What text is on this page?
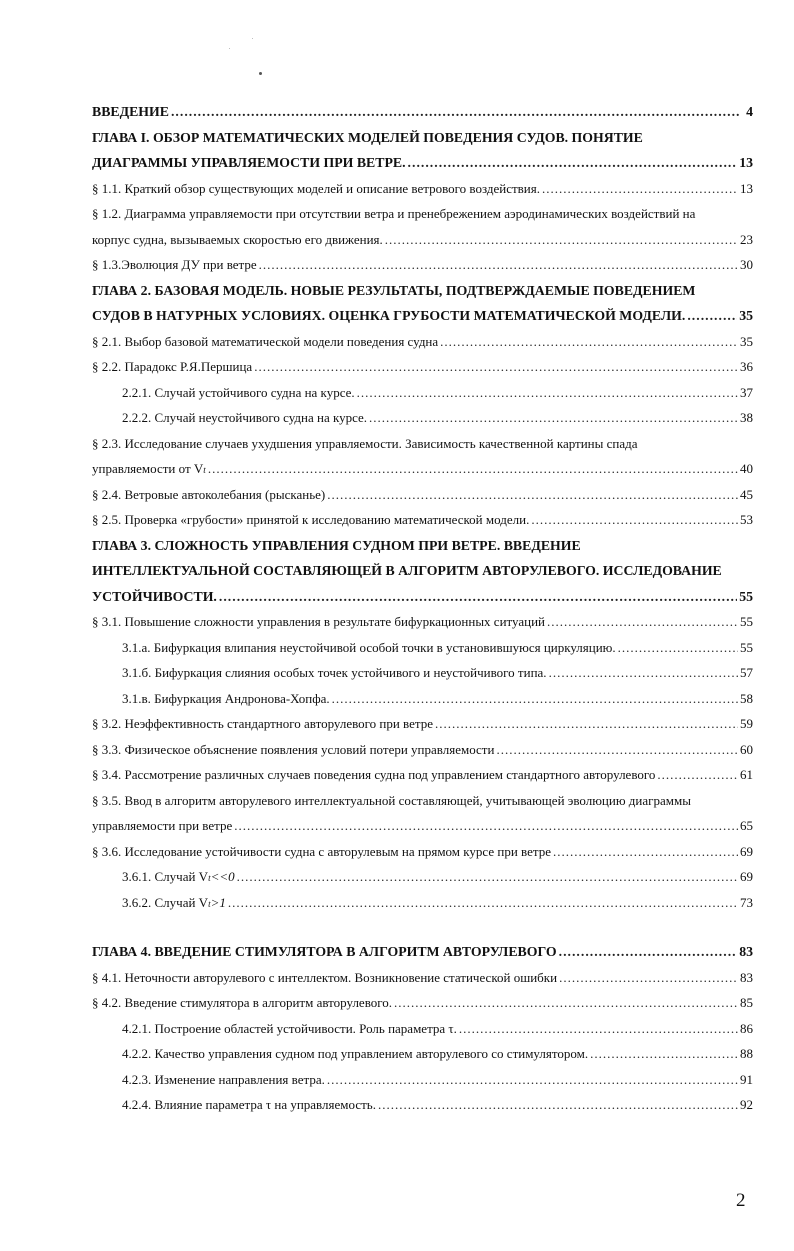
ВВЕДЕНИЕ .....	4
ГЛАВА I. ОБЗОР МАТЕМАТИЧЕСКИХ МОДЕЛЕЙ ПОВЕДЕНИЯ СУДОВ. ПОНЯТИЕ
ДИАГРАММЫ УПРАВЛЯЕМОСТИ ПРИ ВЕТРЕ. .....	13
§ 1.1. Краткий обзор существующих моделей и описание ветрового воздействия. .....	13
§ 1.2. Диаграмма управляемости при отсутствии ветра и пренебрежением аэродинамических воздействий на
корпус судна, вызываемых скоростью его движения. .....	23
§ 1.3.Эволюция ДУ при ветре .....	30
ГЛАВА 2. БАЗОВАЯ МОДЕЛЬ. НОВЫЕ РЕЗУЛЬТАТЫ, ПОДТВЕРЖДАЕМЫЕ ПОВЕДЕНИЕМ
СУДОВ В НАТУРНЫХ УСЛОВИЯХ. ОЦЕНКА ГРУБОСТИ МАТЕМАТИЧЕСКОЙ МОДЕЛИ. .....	35
§ 2.1. Выбор базовой математической модели поведения судна .....	35
§ 2.2. Парадокс Р.Я.Першица .....	36
2.2.1. Случай устойчивого судна на курсе. .....	37
2.2.2. Случай неустойчивого судна на курсе. .....	38
§ 2.3. Исследование случаев ухудшения управляемости. Зависимость качественной картины спада
управляемости от V t .....	40
§ 2.4. Ветровые автоколебания (рысканье) .....	45
§ 2.5. Проверка «грубости» принятой к исследованию математической модели. .....	53
ГЛАВА 3. СЛОЖНОСТЬ УПРАВЛЕНИЯ СУДНОМ ПРИ ВЕТРЕ. ВВЕДЕНИЕ
ИНТЕЛЛЕКТУАЛЬНОЙ СОСТАВЛЯЮЩЕЙ В АЛГОРИТМ АВТОРУЛЕВОГО. ИССЛЕДОВАНИЕ
УСТОЙЧИВОСТИ. .....	55
§ 3.1. Повышение сложности управления в результате бифуркационных ситуаций .....	55
3.1.а. Бифуркация влипания неустойчивой особой точки в установившуюся циркуляцию. .....	55
3.1.б. Бифуркация слияния особых точек устойчивого и неустойчивого типа. .....	57
3.1.в. Бифуркация Андронова-Хопфа. .....	58
§ 3.2. Неэффективность стандартного авторулевого при ветре .....	59
§ 3.3. Физическое объяснение появления условий потери управляемости .....	60
§ 3.4. Рассмотрение различных случаев поведения судна под управлением стандартного авторулевого .....	61
§ 3.5. Ввод в алгоритм авторулевого интеллектуальной составляющей, учитывающей эволюцию диаграммы
управляемости при ветре .....	65
§ 3.6. Исследование устойчивости судна с авторулевым на прямом курсе при ветре .....	69
3.6.1. Случай V t <<0 .....	69
3.6.2. Случай V t >1 .....	73
ГЛАВА 4. ВВЕДЕНИЕ СТИМУЛЯТОРА В АЛГОРИТМ АВТОРУЛЕВОГО .....	83
§ 4.1. Неточности авторулевого с интеллектом. Возникновение статической ошибки .....	83
§ 4.2. Введение стимулятора в алгоритм авторулевого. .....	85
4.2.1. Построение областей устойчивости. Роль параметра τ. .....	86
4.2.2. Качество управления судном под управлением авторулевого со стимулятором. .....	88
4.2.3. Изменение направления ветра. .....	91
4.2.4. Влияние параметра τ на управляемость. .....	92
2
